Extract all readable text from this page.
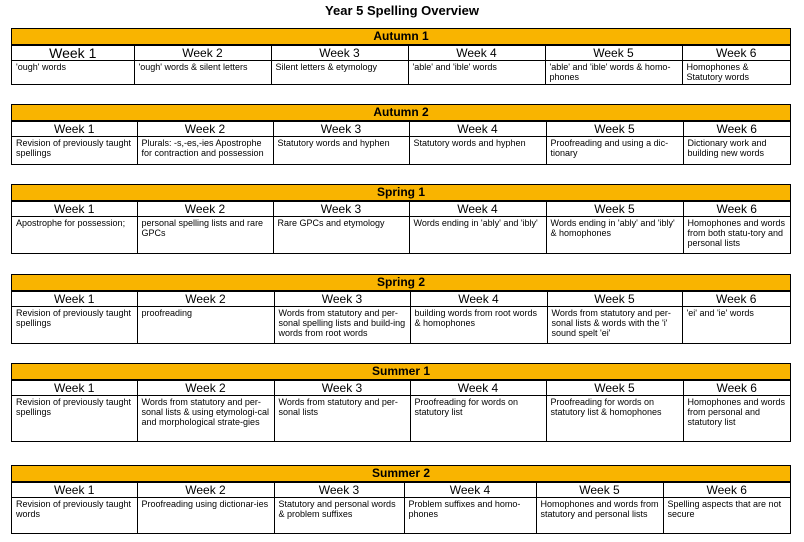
Year 5 Spelling Overview
Autumn 1
Week 1	Week 2	Week 3	Week 4	Week 5	Week 6
'ough' words	'ough' words & silent letters	Silent letters & etymology	'able' and 'ible' words	'able' and 'ible' words & homo-phones	Homophones & Statutory words
Autumn 2
Week 1	Week 2	Week 3	Week 4	Week 5	Week 6
Revision of previously taught spellings	Plurals: -s,-es,-ies Apostrophe for contraction and possession	Statutory words and hyphen	Statutory words and hyphen	Proofreading and using a dic-tionary	Dictionary work and building new words
Spring 1
Week 1	Week 2	Week 3	Week 4	Week 5	Week 6
Apostrophe for possession;	personal spelling lists and rare GPCs	Rare GPCs and etymology	Words ending in 'ably' and 'ibly'	Words ending in 'ably' and 'ibly' & homophones	Homophones and words from both statu-tory and personal lists
Spring 2
Week 1	Week 2	Week 3	Week 4	Week 5	Week 6
Revision of previously taught spellings	proofreading	Words from statutory and per-sonal spelling lists and build-ing words from root words	building words from root words & homophones	Words from statutory and per-sonal lists & words with the 'i' sound spelt 'ei'	'ei' and 'ie' words
Summer 1
Week 1	Week 2	Week 3	Week 4	Week 5	Week 6
Revision of previously taught spellings	Words from statutory and per-sonal lists & using etymologi-cal and morphological strate-gies	Words from statutory and per-sonal lists	Proofreading for words on statutory list	Proofreading for words on statutory list & homophones	Homophones and words from personal and statutory list
Summer 2
Week 1	Week 2	Week 3	Week 4	Week 5	Week 6
Revision of previously taught words	Proofreading using dictionar-ies	Statutory and personal words & problem suffixes	Problem suffixes and homo-phones	Homophones and words from statutory and personal lists	Spelling aspects that are not secure
